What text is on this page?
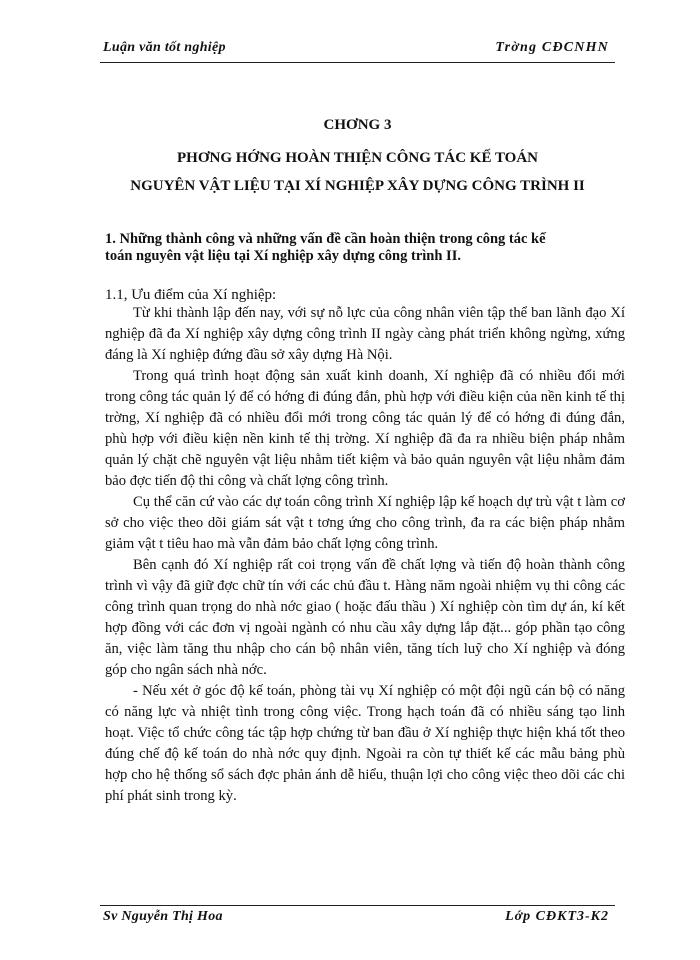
Luận văn tốt nghiệp	Trờng CĐCNHN
CHƠNG 3
PHƠNG HỚNG HOÀN THIỆN CÔNG TÁC KẾ TOÁN
NGUYÊN VẬT LIỆU TẠI XÍ NGHIỆP XÂY DỰNG CÔNG TRÌNH II
1. Những thành công và những vấn đề cần hoàn thiện trong công tác kế
toán nguyên vật liệu tại Xí nghiệp xây dựng công trình II.
1.1, Ưu điểm của Xí nghiệp:

Từ khi thành lập đến nay, với sự nỗ lực của công nhân viên tập thể ban lãnh đạo Xí nghiệp đã đa Xí nghiệp xây dựng công trình II ngày càng phát triển không ngừng, xứng đáng là Xí nghiệp đứng đầu sở xây dựng Hà Nội.

Trong quá trình hoạt động sản xuất kinh doanh, Xí nghiệp đã có nhiều đổi mới trong công tác quản lý để có hớng đi đúng đắn, phù hợp với điều kiện của nền kinh tế thị trờng, Xí nghiệp đã có nhiều đổi mới trong công tác quản lý để có hớng đi đúng đắn, phù hợp với điều kiện nền kinh tế thị trờng. Xí nghiệp đã đa ra nhiều biện pháp nhằm quản lý chặt chẽ nguyên vật liệu nhằm tiết kiệm và bảo quản nguyên vật liệu nhằm đảm bảo đợc tiến độ thi công và chất lợng công trình.

Cụ thể căn cứ vào các dự toán công trình Xí nghiệp lập kế hoạch dự trù vật t làm cơ sở cho việc theo dõi giám sát vật t tơng ứng cho công trình, đa ra các biện pháp nhằm giảm vật t tiêu hao mà vẫn đảm bảo chất lợng công trình.

Bên cạnh đó Xí nghiệp rất coi trọng vấn đề chất lợng và tiến độ hoàn thành công trình vì vậy đã giữ đợc chữ tín với các chủ đầu t. Hàng năm ngoài nhiệm vụ thi công các công trình quan trọng do nhà nớc giao ( hoặc đấu thầu ) Xí nghiệp còn tìm dự án, kí kết hợp đồng với các đơn vị ngoài ngành có nhu cầu xây dựng lắp đặt... góp phần tạo công ăn, việc làm tăng thu nhập cho cán bộ nhân viên, tăng tích luỹ cho Xí nghiệp và đóng góp cho ngân sách nhà nớc.

- Nếu xét ở góc độ kế toán, phòng tài vụ Xí nghiệp có một đội ngũ cán bộ có năng có năng lực và nhiệt tình trong công việc. Trong hạch toán đã có nhiều sáng tạo linh hoạt. Việc tổ chức công tác tập hợp chứng từ ban đầu ở Xí nghiệp thực hiện khá tốt theo đúng chế độ kế toán do nhà nớc quy định. Ngoài ra còn tự thiết kế các mẫu bảng phù hợp cho hệ thống sổ sách đợc phản ánh dễ hiểu, thuận lợi cho công việc theo dõi các chi phí phát sinh trong kỳ.

Sv Nguyễn Thị Hoa	Lớp CĐKT3-K2
